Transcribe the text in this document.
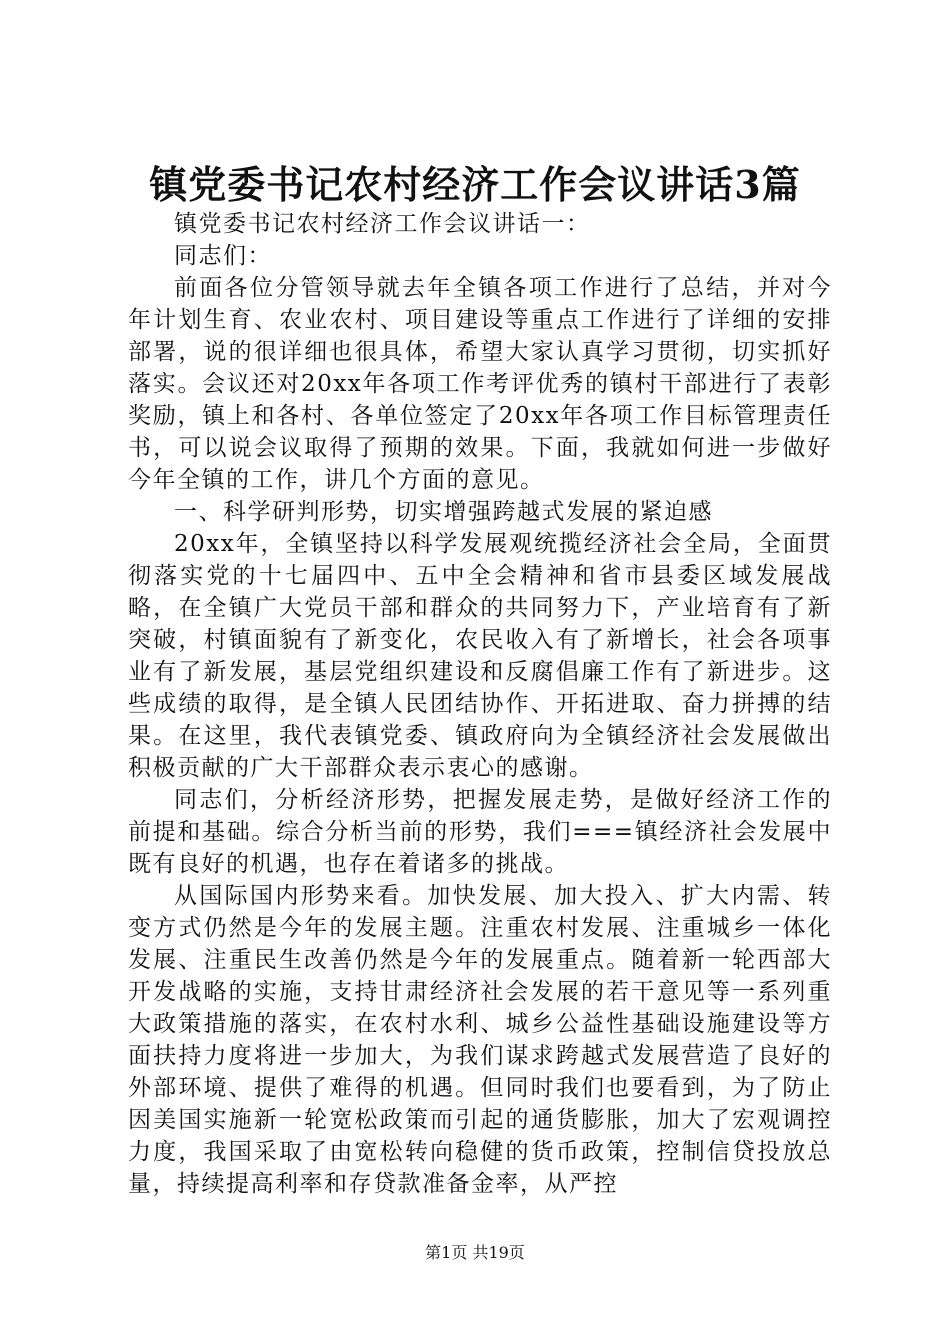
镇党委书记农村经济工作会议讲话3篇

镇党委书记农村经济工作会议讲话一：

同志们：

前面各位分管领导就去年全镇各项工作进行了总结，并对今年计划生育、农业农村、项目建设等重点工作进行了详细的安排部署，说的很详细也很具体，希望大家认真学习贯彻，切实抓好落实。会议还对20xx年各项工作考评优秀的镇村干部进行了表彰奖励，镇上和各村、各单位签定了20xx年各项工作目标管理责任书，可以说会议取得了预期的效果。下面，我就如何进一步做好今年全镇的工作，讲几个方面的意见。

一、科学研判形势，切实增强跨越式发展的紧迫感

20xx年，全镇坚持以科学发展观统揽经济社会全局，全面贯彻落实党的十七届四中、五中全会精神和省市县委区域发展战略，在全镇广大党员干部和群众的共同努力下，产业培育有了新突破，村镇面貌有了新变化，农民收入有了新增长，社会各项事业有了新发展，基层党组织建设和反腐倡廉工作有了新进步。这些成绩的取得，是全镇人民团结协作、开拓进取、奋力拼搏的结果。在这里，我代表镇党委、镇政府向为全镇经济社会发展做出积极贡献的广大干部群众表示衷心的感谢。

同志们，分析经济形势，把握发展走势，是做好经济工作的前提和基础。综合分析当前的形势，我们===镇经济社会发展中既有良好的机遇，也存在着诸多的挑战。

从国际国内形势来看。加快发展、加大投入、扩大内需、转变方式仍然是今年的发展主题。注重农村发展、注重城乡一体化发展、注重民生改善仍然是今年的发展重点。随着新一轮西部大开发战略的实施，支持甘肃经济社会发展的若干意见等一系列重大政策措施的落实，在农村水利、城乡公益性基础设施建设等方面扶持力度将进一步加大，为我们谋求跨越式发展营造了良好的外部环境、提供了难得的机遇。但同时我们也要看到，为了防止因美国实施新一轮宽松政策而引起的通货膨胀，加大了宏观调控力度，我国采取了由宽松转向稳健的货币政策，控制信贷投放总量，持续提高利率和存贷款准备金率，从严控

第1页 共19页
